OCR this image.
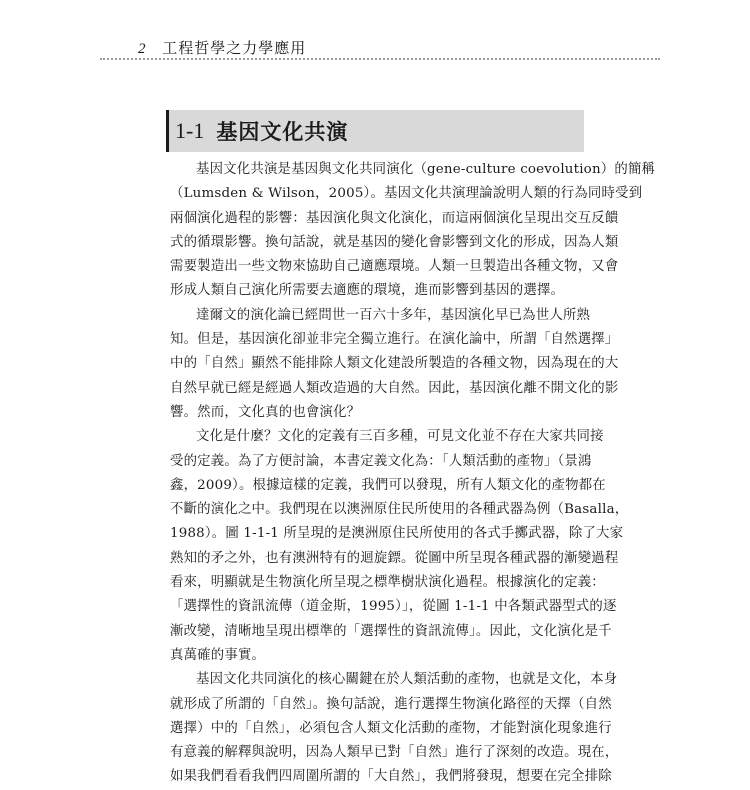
2 工程哲學之力學應用
1-1 基因文化共演
基因文化共演是基因與文化共同演化（gene-culture coevolution）的簡稱
（Lumsden & Wilson，2005）。基因文化共演理論說明人類的行為同時受到
兩個演化過程的影響：基因演化與文化演化，而這兩個演化呈現出交互反饋
式的循環影響。換句話說，就是基因的變化會影響到文化的形成，因為人類
需要製造出一些文物來協助自己適應環境。人類一旦製造出各種文物，又會
形成人類自己演化所需要去適應的環境，進而影響到基因的選擇。
達爾文的演化論已經問世一百六十多年，基因演化早已為世人所熟
知。但是，基因演化卻並非完全獨立進行。在演化論中，所謂「自然選擇」
中的「自然」顯然不能排除人類文化建設所製造的各種文物，因為現在的大
自然早就已經是經過人類改造過的大自然。因此，基因演化離不開文化的影
響。然而，文化真的也會演化？
文化是什麼？文化的定義有三百多種，可見文化並不存在大家共同接
受的定義。為了方便討論，本書定義文化為：「人類活動的產物」（景鴻
鑫，2009）。根據這樣的定義，我們可以發現，所有人類文化的產物都在
不斷的演化之中。我們現在以澳洲原住民所使用的各種武器為例（Basalla，
1988）。圖 1-1-1 所呈現的是澳洲原住民所使用的各式手擲武器，除了大家
熟知的矛之外，也有澳洲特有的迴旋鏢。從圖中所呈現各種武器的漸變過程
看來，明顯就是生物演化所呈現之標準樹狀演化過程。根據演化的定義：
「選擇性的資訊流傳（道金斯，1995）」，從圖 1-1-1 中各類武器型式的逐
漸改變，清晰地呈現出標準的「選擇性的資訊流傳」。因此，文化演化是千
真萬確的事實。
基因文化共同演化的核心關鍵在於人類活動的產物，也就是文化，本身
就形成了所謂的「自然」。換句話說，進行選擇生物演化路徑的天擇（自然
選擇）中的「自然」，必須包含人類文化活動的產物，才能對演化現象進行
有意義的解釋與說明，因為人類早已對「自然」進行了深刻的改造。現在，
如果我們看看我們四周圍所謂的「大自然」，我們將發現，想要在完全排除
